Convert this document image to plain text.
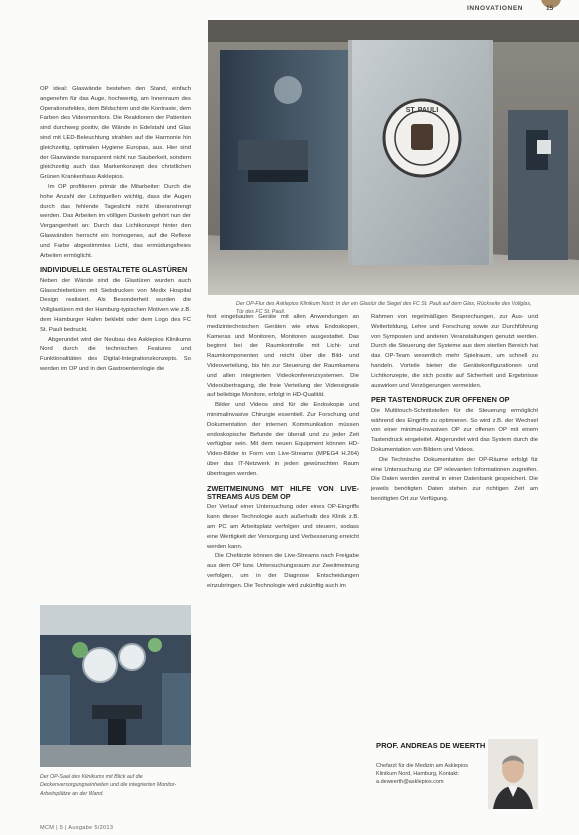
INNOVATIONEN	15

OP ideal: Glaswände bestehen den Stand, einfach angenehm für das Auge, hochwertig, am Innenraum des Operationsfeldes, dem Bildschirm und die Kontraste, dem Farben des Videomonitors. Die Reaktionen der Patienten sind durchweg positiv, die Wände in Edelstahl und Glas sind mit LED-Beleuchtung strahlen auf die Harmonie hin gleichzeitig, optimalen Hygiene Europas, aus. Hier sind der Glaswände transparent nicht nur Sauberkeit, sondern gleichzeitig auch das Markenkonzept des christlichen Grünen Krankenhaus Asklepios.

Im OP profitieren primär die Mitarbeiter: Durch die hohe Anzahl der Lichtquellen wichtig, dass die Augen durch das fehlende Tageslicht nicht überanstrengt werden. Das Arbeiten im völligen Dunkeln gehört nun der Vergangenheit an: Durch das Lichtkonzept hinter den Glaswänden herrscht ein homogenes, auf die Reflexe und Farbe abgestimmtes Licht, das ermüdungsfreies Arbeiten ermöglicht.

INDIVIDUELLE GESTALTETE GLASTÜREN

Neben der Wände sind die Glastüren wurden auch Glasschiebetüren mit Siebdrucken von Medix Hospital Design realisiert. Als Besonderheit wurden die Vollglastüren mit der Hamburg-typischen Motiven wie z.B. dem Hamburger Hafen beklebt oder dem Logo des FC St. Pauli bedruckt.

Abgerundet wird der Neubau des Asklepios Klinikums Nord durch die technischen Features und Funktionalitäten des Digital-Integrationskonzepts. So werden im OP und in den Gastroenterologie die

ST. PAULI
Der OP-Flur des Asklepios Klinikum Nord: In der ein Glastür die Siegel des FC St. Pauli auf dem Glas, Rückseite des Vollglas, Tür des FC St. Pauli.
Der OP-Saal des Klinikums mit Blick auf die Deckenversorgungseinheiten und die integrierten Monitor-Arbeitsplätze an der Wand.

fest eingebauten Geräte mit allen Anwendungen an medizintechnischen Geräten wie etwa Endoskopen, Kameras und Monitoren, Monitoren ausgestattet. Das beginnt bei der Raumkontrolle mit Licht- und Raumkomponenten und reicht über die Bild- und Videoverteilung, bis hin zur Steuerung der Raumkamera und allen integrierten Videokonferenzsystemen. Die Videoübertragung, die freie Verteilung der Videosignale auf beliebige Monitore, erfolgt in HD-Qualität.

Bilder und Videos sind für die Endoskopie und minimalinvasive Chirurgie essentiell. Zur Forschung und Dokumentation der internen Kommunikation müssen endoskopische Befunde der überall und zu jeder Zeit verfügbar sein. Mit dem neuen Equipment können HD-Video-Bilder in Form von Live-Streams (MPEG4 H.264) über das IT-Netzwerk in jeden gewünschten Raum übertragen werden.

ZWEITMEINUNG MIT HILFE VON LIVE-STREAMS AUS DEM OP

Der Verlauf einer Untersuchung oder eines OP-Eingriffs kann dieser Technologie auch außerhalb des Klinik z.B. am PC am Arbeitsplatz verfolgen und steuern, sodass eine Wertigkeit der Versorgung und Verbesserung erreicht werden kann.

Die Chefärzte können die Live-Streams nach Freigabe aus dem OP bzw. Untersuchungsraum zur Zweitmeinung verfolgen, um in der Diagnose Entscheidungen einzubringen. Die Technologie wird zukünftig auch im

Rahmen von regelmäßigen Besprechungen, zur Aus- und Weiterbildung, Lehre und Forschung sowie zur Durchführung von Symposien und anderen Veranstaltungen genutzt werden. Durch die Steuerung der Systeme aus dem sterilen Bereich hat das OP-Team wesentlich mehr Spielraum, um schnell zu handeln. Vorteile bieten die Gerätekonfigurationen und Lichtkonzepte, die sich positiv auf Sicherheit und Ergebnisse auswirken und Verzögerungen vermeiden.

PER TASTENDRUCK ZUR OFFENEN OP

Die Multitouch-Schnittstellen für die Steuerung ermöglicht während des Eingriffs zu optimieren. So wird z.B. der Wechsel von einer minimal-invasiven OP zur offenen OP mit einem Tastendruck eingeleitet. Abgerundet wird das System durch die Dokumentation von Bildern und Videos.

Die Technische Dokumentation der OP-Räume erfolgt für eine Untersuchung zur OP relevanten Informationen zugreifen. Die Daten werden zentral in einer Datenbank gespeichert. Die jeweils benötigten Daten stehen zur richtigen Zeit am benötigten Ort zur Verfügung.

PROF. ANDREAS DE WEERTH
Chefarzt für die Medizin am Asklepios Klinikum Nord, Hamburg, Kontakt: a.deweerth@asklepios.com
MCM | 5 | Ausgabe 5/2013
